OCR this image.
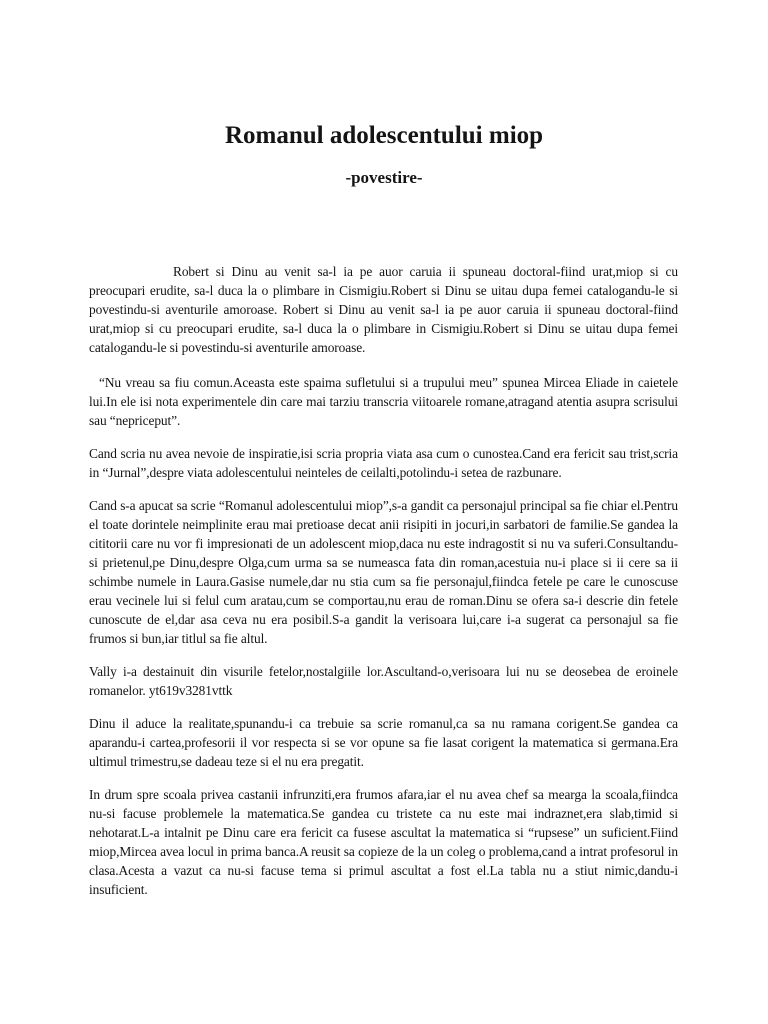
Romanul adolescentului miop
-povestire-

Robert si Dinu au venit sa-l ia pe auor caruia ii spuneau doctoral-fiind urat,miop si cu preocupari erudite, sa-l duca la o plimbare in Cismigiu.Robert si Dinu se uitau dupa femei catalogandu-le si povestindu-si aventurile amoroase. Robert si Dinu au venit sa-l ia pe auor caruia ii spuneau doctoral-fiind urat,miop si cu preocupari erudite, sa-l duca la o plimbare in Cismigiu.Robert si Dinu se uitau dupa femei catalogandu-le si povestindu-si aventurile amoroase.

“Nu vreau sa fiu comun.Aceasta este spaima sufletului si a trupului meu” spunea Mircea Eliade in caietele lui.In ele isi nota experimentele din care mai tarziu transcria viitoarele romane,atragand atentia asupra scrisului sau “nepriceput”.

Cand scria nu avea nevoie de inspiratie,isi scria propria viata asa cum o cunostea.Cand era fericit sau trist,scria in “Jurnal”,despre viata adolescentului neinteles de ceilalti,potolindu-i setea de razbunare.

Cand s-a apucat sa scrie “Romanul adolescentului miop”,s-a gandit ca personajul principal sa fie chiar el.Pentru el toate dorintele neimplinite erau mai pretioase decat anii risipiti in jocuri,in sarbatori de familie.Se gandea la cititorii care nu vor fi impresionati de un adolescent miop,daca nu este indragostit si nu va suferi.Consultandu-si prietenul,pe Dinu,despre Olga,cum urma sa se numeasca fata din roman,acestuia nu-i place si ii cere sa ii schimbe numele in Laura.Gasise numele,dar nu stia cum sa fie personajul,fiindca fetele pe care le cunoscuse erau vecinele lui si felul cum aratau,cum se comportau,nu erau de roman.Dinu se ofera sa-i descrie din fetele cunoscute de el,dar asa ceva nu era posibil.S-a gandit la verisoara lui,care i-a sugerat ca personajul sa fie frumos si bun,iar titlul sa fie altul.

Vally i-a destainuit din visurile fetelor,nostalgiile lor.Ascultand-o,verisoara lui nu se deosebea de eroinele romanelor. yt619v3281vttk

Dinu il aduce la realitate,spunandu-i ca trebuie sa scrie romanul,ca sa nu ramana corigent.Se gandea ca aparandu-i cartea,profesorii il vor respecta si se vor opune sa fie lasat corigent la matematica si germana.Era ultimul trimestru,se dadeau teze si el nu era pregatit.

In drum spre scoala privea castanii infrunziti,era frumos afara,iar el nu avea chef sa mearga la scoala,fiindca nu-si facuse problemele la matematica.Se gandea cu tristete ca nu este mai indraznet,era slab,timid si nehotarat.L-a intalnit pe Dinu care era fericit ca fusese ascultat la matematica si “rupsese” un suficient.Fiind miop,Mircea avea locul in prima banca.A reusit sa copieze de la un coleg o problema,cand a intrat profesorul in clasa.Acesta a vazut ca nu-si facuse tema si primul ascultat a fost el.La tabla nu a stiut nimic,dandu-i insuficient.
